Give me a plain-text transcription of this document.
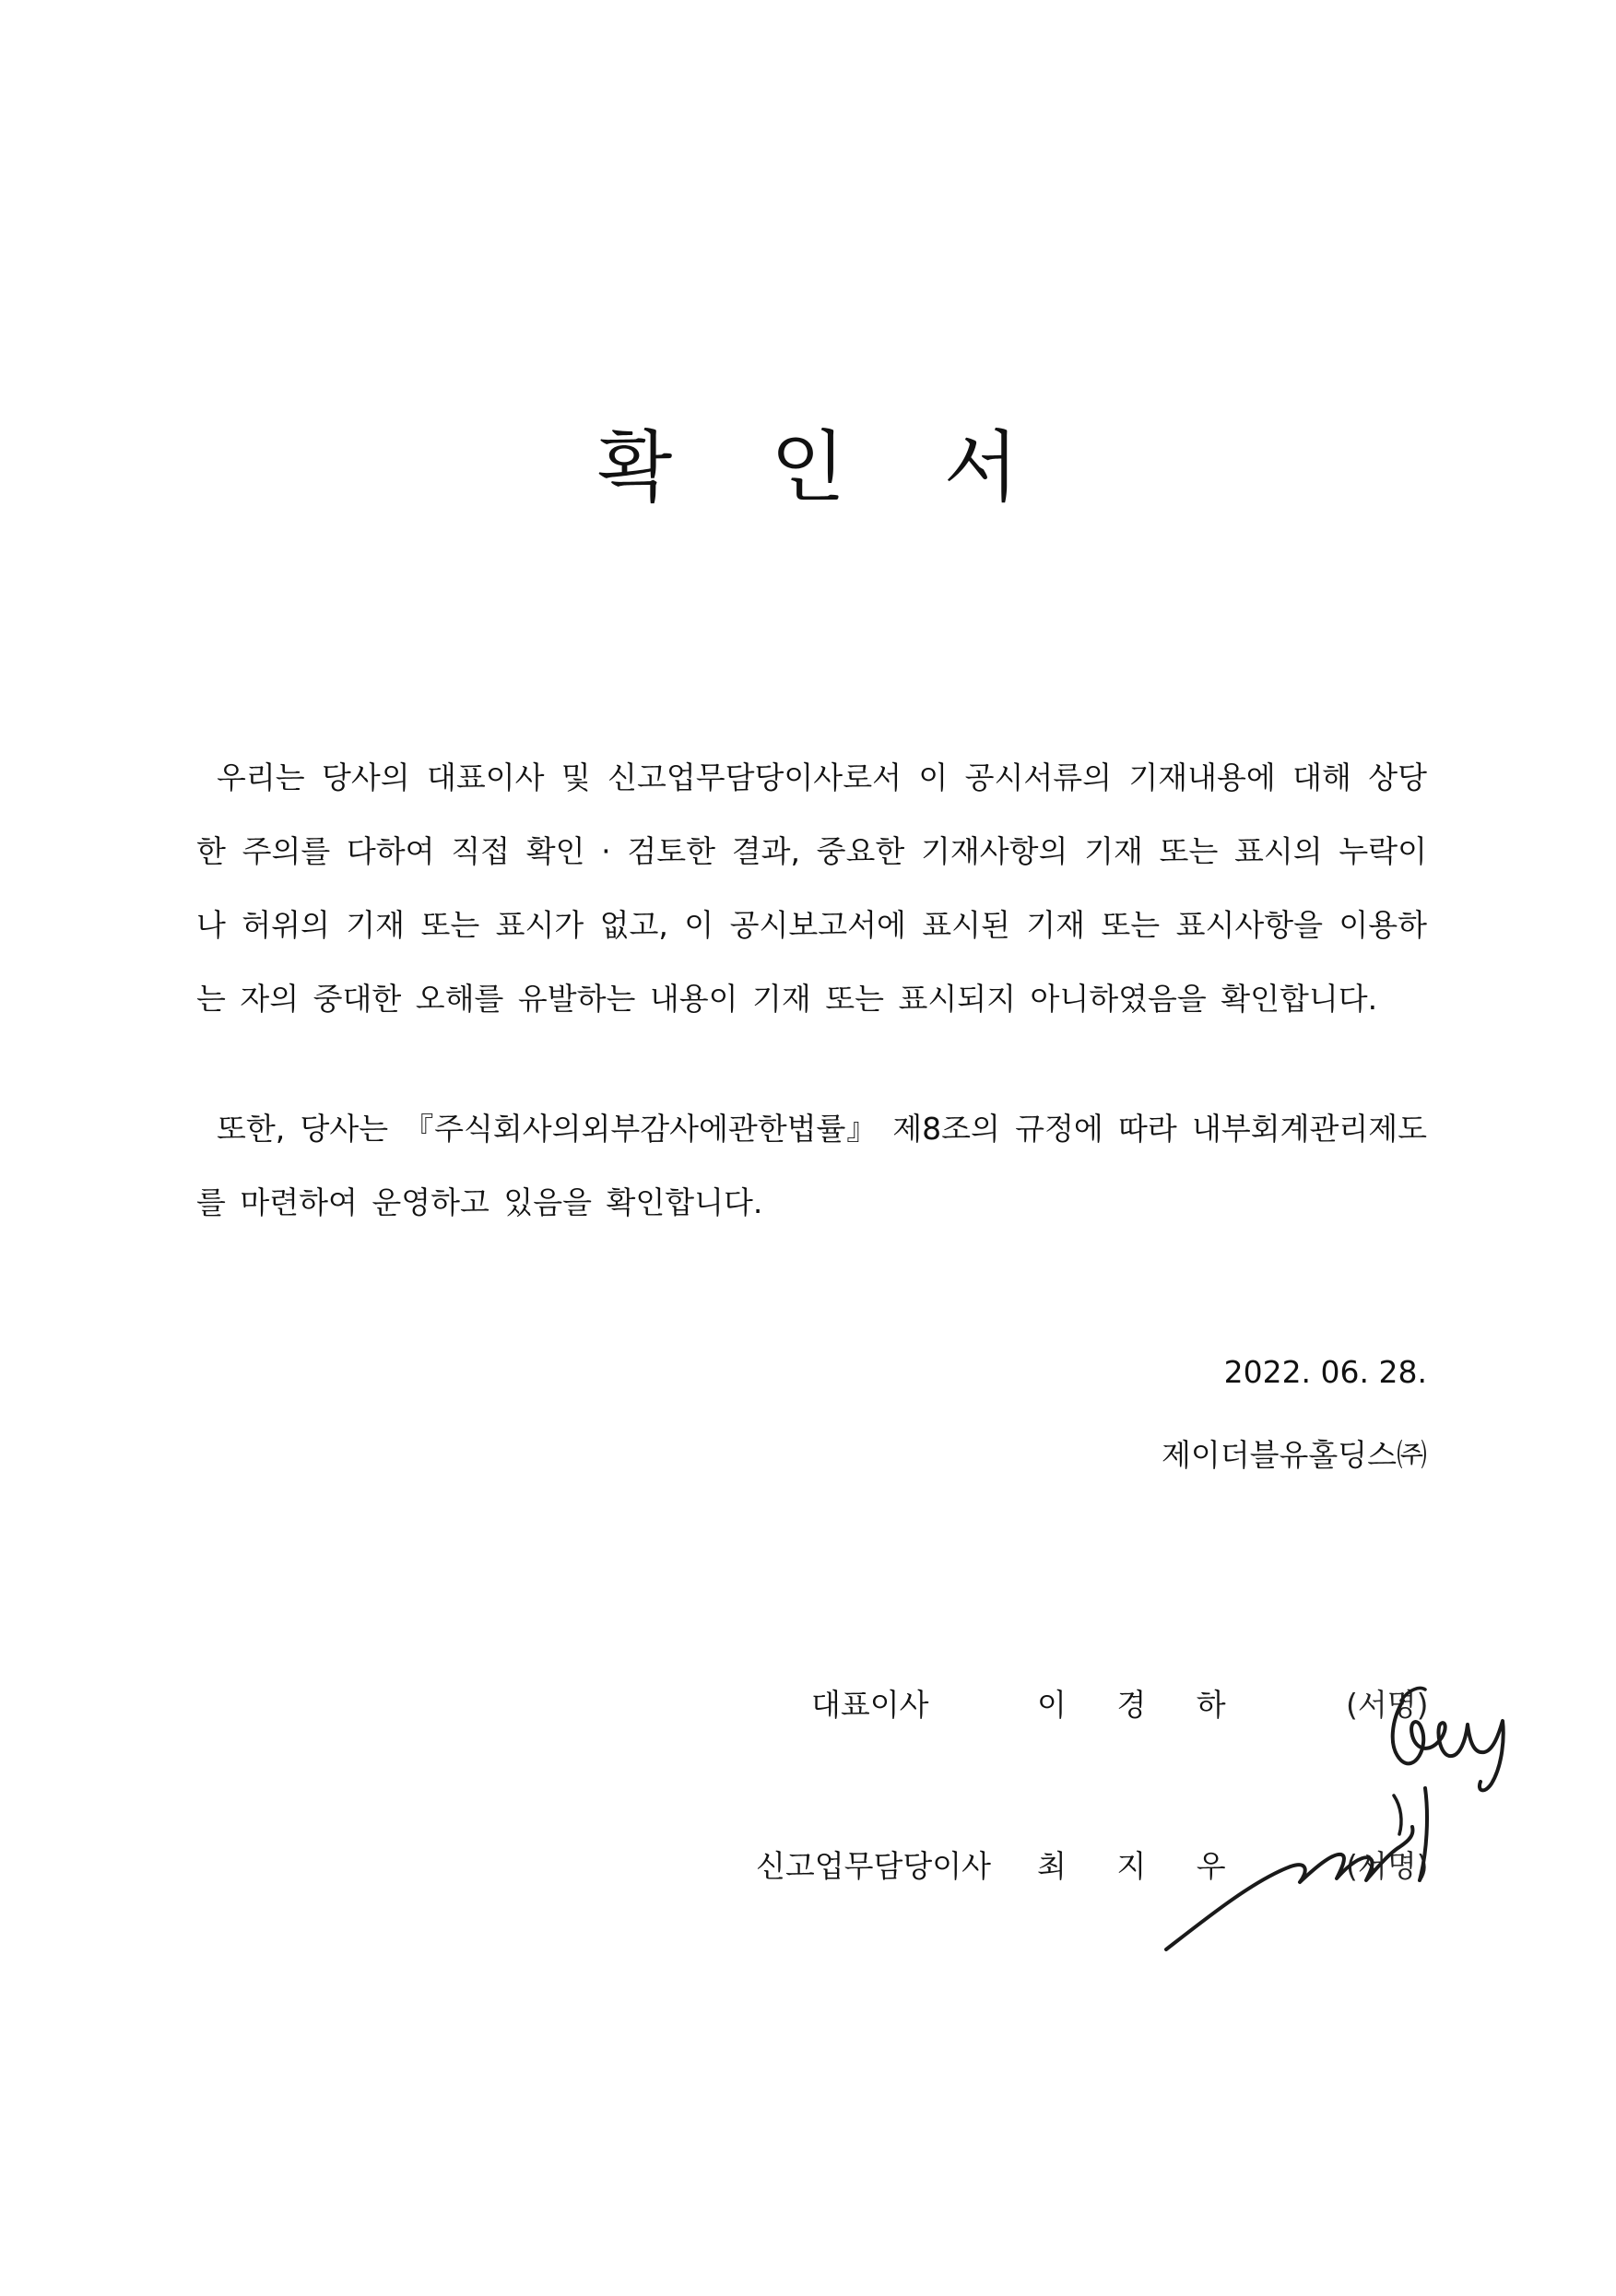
확 인 서
우리는 당사의 대표이사 및 신고업무담당이사로서 이 공시서류의 기재내용에 대해 상당한 주의를 다하여 직접 확인 · 검토한 결과, 중요한 기재사항의 기재 또는 표시의 누락이나 허위의 기재 또는 표시가 없고, 이 공시보고서에 표시된 기재 또는 표시사항을 이용하는 자의 중대한 오해를 유발하는 내용이 기재 또는 표시되지 아니하였음을 확인합니다.
또한, 당사는 『주식회사의외부감사에관한법률』 제8조의 규정에 따라 내부회계관리제도를 마련하여 운영하고 있음을 확인합니다.
2022. 06. 28.
제이더블유홀딩스㈜
대표이사	이 경 하	(서명)
신고업무담당이사 최 지 우	(서명)
